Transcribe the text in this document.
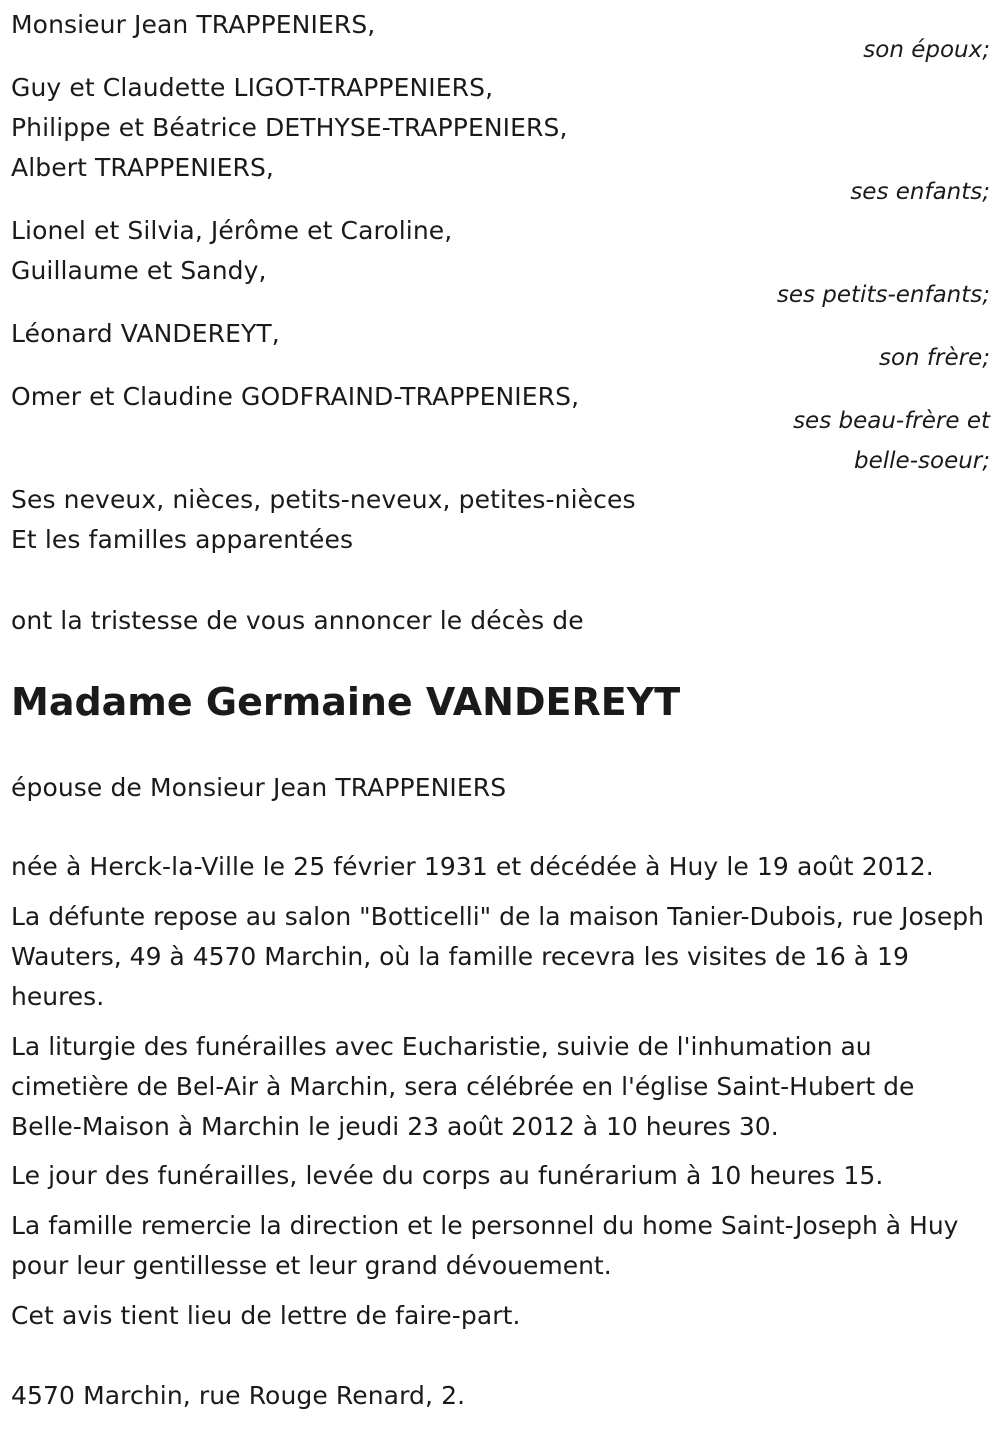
Monsieur Jean TRAPPENIERS,
son époux;
Guy et Claudette LIGOT-TRAPPENIERS,
Philippe et Béatrice DETHYSE-TRAPPENIERS,
Albert TRAPPENIERS,
ses enfants;
Lionel et Silvia, Jérôme et Caroline,
Guillaume et Sandy,
ses petits-enfants;
Léonard VANDEREYT,
son frère;
Omer et Claudine GODFRAIND-TRAPPENIERS,
ses beau-frère et
belle-soeur;
Ses neveux, nièces, petits-neveux, petites-nièces
Et les familles apparentées
ont la tristesse de vous annoncer le décès de
Madame Germaine VANDEREYT
épouse de Monsieur Jean TRAPPENIERS
née à Herck-la-Ville le 25 février 1931 et décédée à Huy le 19 août 2012.
La défunte repose au salon "Botticelli" de la maison Tanier-Dubois, rue Joseph Wauters, 49 à 4570 Marchin, où la famille recevra les visites de 16 à 19 heures.
La liturgie des funérailles avec Eucharistie, suivie de l'inhumation au cimetière de Bel-Air à Marchin, sera célébrée en l'église Saint-Hubert de Belle-Maison à Marchin le jeudi 23 août 2012 à 10 heures 30.
Le jour des funérailles, levée du corps au funérarium à 10 heures 15.
La famille remercie la direction et le personnel du home Saint-Joseph à Huy pour leur gentillesse et leur grand dévouement.
Cet avis tient lieu de lettre de faire-part.
4570 Marchin, rue Rouge Renard, 2.
